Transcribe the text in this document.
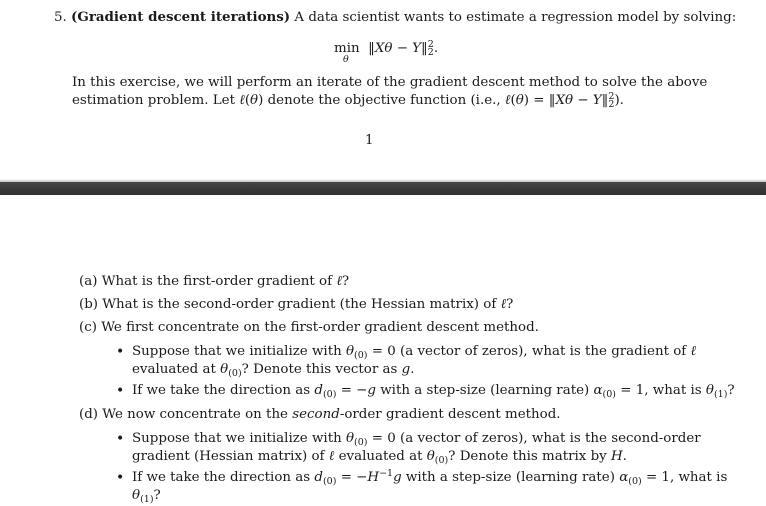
5. (Gradient descent iterations) A data scientist wants to estimate a regression model by solving:
min
θ
‖Xθ − Y‖$^2_2$.
In this exercise, we will perform an iterate of the gradient descent method to solve the above
estimation problem. Let ℓ(θ) denote the objective function (i.e., ℓ(θ) = ‖Xθ − Y‖$^2_2$).
1
(a) What is the first-order gradient of ℓ?
(b) What is the second-order gradient (the Hessian matrix) of ℓ?
(c) We first concentrate on the first-order gradient descent method.
• Suppose that we initialize with $\theta_{(0)} = 0$ (a vector of zeros), what is the gradient of ℓ
evaluated at $\theta_{(0)}$? Denote this vector as g.
• If we take the direction as $d_{(0)} = -g$ with a step-size (learning rate) $\alpha_{(0)} = 1$, what is $\theta_{(1)}$?
(d) We now concentrate on the second-order gradient descent method.
• Suppose that we initialize with $\theta_{(0)} = 0$ (a vector of zeros), what is the second-order
gradient (Hessian matrix) of ℓ evaluated at $\theta_{(0)}$? Denote this matrix by H.
• If we take the direction as $d_{(0)} = -H^{-1}g$ with a step-size (learning rate) $\alpha_{(0)} = 1$, what is
$\theta_{(1)}$?
